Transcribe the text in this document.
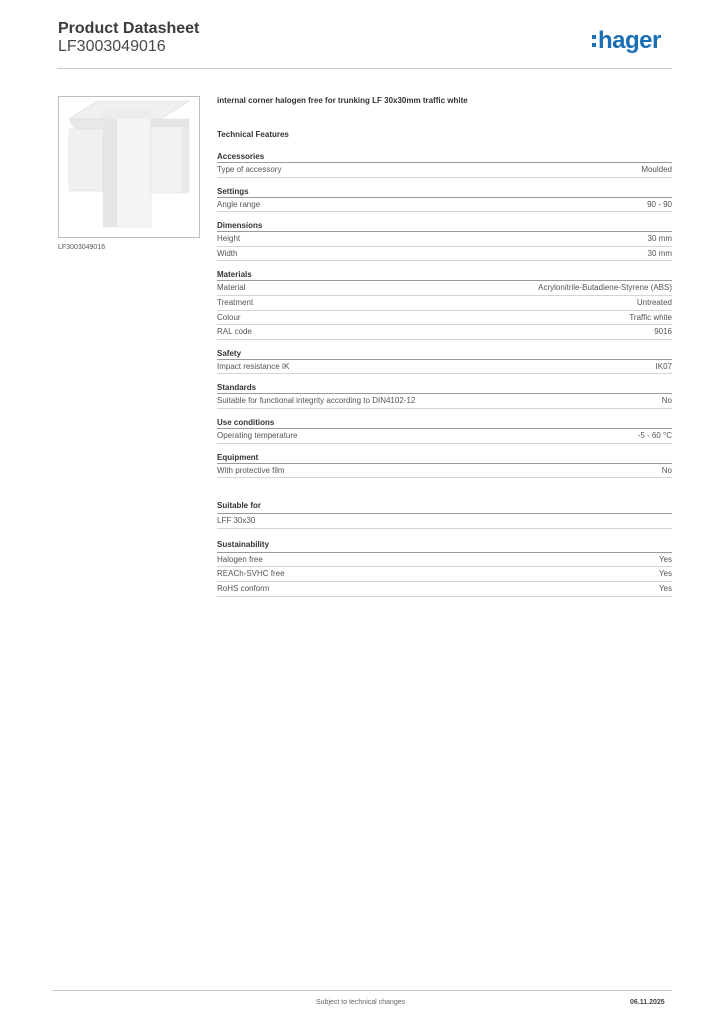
Product Datasheet
LF3003049016	hager
LF3003049016
internal corner halogen free for trunking LF 30x30mm traffic white
Technical Features
Accessories
Type of accessory	Moulded
Settings
Angle range	90 - 90
Dimensions
Height	30 mm
Width	30 mm
Materials
Material	Acrylonitrile-Butadiene-Styrene (ABS)
Treatment	Untreated
Colour	Traffic white
RAL code	9016
Safety
Impact resistance IK	IK07
Standards
Suitable for functional integrity according to DIN4102-12	No
Use conditions
Operating temperature	-5 - 60 °C
Equipment
With protective film	No
Suitable for
LFF 30x30
Sustainability
Halogen free	Yes
REACh-SVHC free	Yes
RoHS conform	Yes
Subject to technical changes	06.11.2025
